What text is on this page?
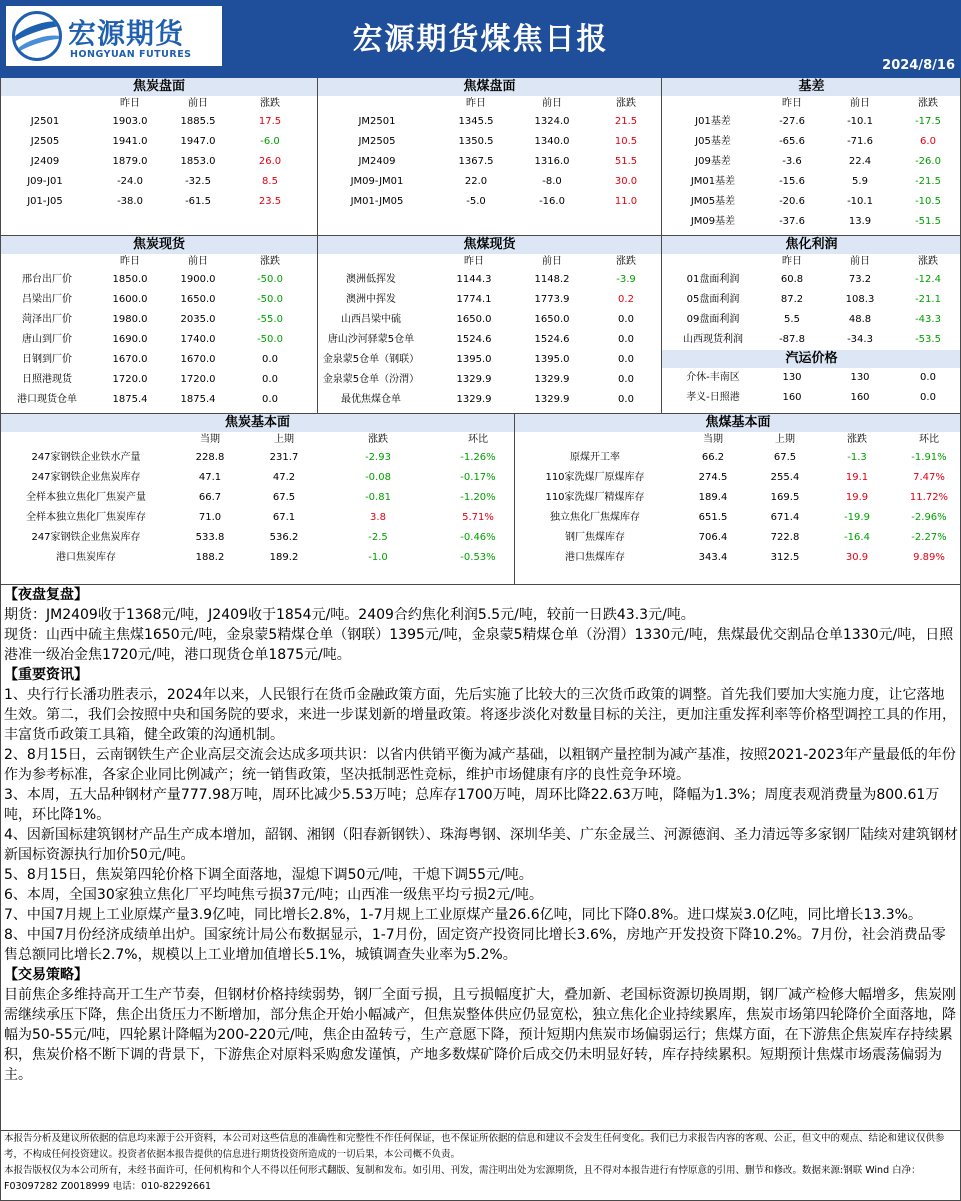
宏源期货
HONGYUAN FUTURES	宏源期货煤焦日报
2024/8/16
焦炭盘面
昨日	前日	涨跌
J2501	1903.0	1885.5	17.5
J2505	1941.0	1947.0	-6.0
J2409	1879.0	1853.0	26.0
J09-J01	-24.0	-32.5	8.5
J01-J05	-38.0	-61.5	23.5
焦煤盘面
昨日	前日	涨跌
JM2501	1345.5	1324.0	21.5
JM2505	1350.5	1340.0	10.5
JM2409	1367.5	1316.0	51.5
JM09-JM01	22.0	-8.0	30.0
JM01-JM05	-5.0	-16.0	11.0
基差
昨日	前日	涨跌
J01基差	-27.6	-10.1	-17.5
J05基差	-65.6	-71.6	6.0
J09基差	-3.6	22.4	-26.0
JM01基差	-15.6	5.9	-21.5
JM05基差	-20.6	-10.1	-10.5
JM09基差	-37.6	13.9	-51.5
焦炭现货
昨日	前日	涨跌
邢台出厂价	1850.0	1900.0	-50.0
吕梁出厂价	1600.0	1650.0	-50.0
菏泽出厂价	1980.0	2035.0	-55.0
唐山到厂价	1690.0	1740.0	-50.0
日钢到厂价	1670.0	1670.0	0.0
日照港现货	1720.0	1720.0	0.0
港口现货仓单	1875.4	1875.4	0.0
焦煤现货
昨日	前日	涨跌
澳洲低挥发	1144.3	1148.2	-3.9
澳洲中挥发	1774.1	1773.9	0.2
山西吕梁中硫	1650.0	1650.0	0.0
唐山沙河驿蒙5仓单	1524.6	1524.6	0.0
金泉蒙5仓单（钢联）	1395.0	1395.0	0.0
金泉蒙5仓单（汾渭）	1329.9	1329.9	0.0
最优焦煤仓单	1329.9	1329.9	0.0
焦化利润
昨日	前日	涨跌
01盘面利润	60.8	73.2	-12.4
05盘面利润	87.2	108.3	-21.1
09盘面利润	5.5	48.8	-43.3
山西现货利润	-87.8	-34.3	-53.5
汽运价格
介休-丰南区	130	130	0.0
孝义-日照港	160	160	0.0
焦炭基本面
当期	上期	涨跌	环比
247家钢铁企业铁水产量	228.8	231.7	-2.93	-1.26%
247家钢铁企业焦炭库存	47.1	47.2	-0.08	-0.17%
全样本独立焦化厂焦炭产量	66.7	67.5	-0.81	-1.20%
全样本独立焦化厂焦炭库存	71.0	67.1	3.8	5.71%
247家钢铁企业焦炭库存	533.8	536.2	-2.5	-0.46%
港口焦炭库存	188.2	189.2	-1.0	-0.53%
焦煤基本面
当期	上期	涨跌	环比
原煤开工率	66.2	67.5	-1.3	-1.91%
110家洗煤厂原煤库存	274.5	255.4	19.1	7.47%
110家洗煤厂精煤库存	189.4	169.5	19.9	11.72%
独立焦化厂焦煤库存	651.5	671.4	-19.9	-2.96%
钢厂焦煤库存	706.4	722.8	-16.4	-2.27%
港口焦煤库存	343.4	312.5	30.9	9.89%

【夜盘复盘】

期货：JM2409收于1368元/吨，J2409收于1854元/吨。2409合约焦化利润5.5元/吨，较前一日跌43.3元/吨。

现货：山西中硫主焦煤1650元/吨，金泉蒙5精煤仓单（钢联）1395元/吨，金泉蒙5精煤仓单（汾渭）1330元/吨，焦煤最优交割品仓单1330元/吨，日照港准一级冶金焦1720元/吨，港口现货仓单1875元/吨。

【重要资讯】

1、央行行长潘功胜表示，2024年以来，人民银行在货币金融政策方面，先后实施了比较大的三次货币政策的调整。首先我们要加大实施力度，让它落地生效。第二，我们会按照中央和国务院的要求，来进一步谋划新的增量政策。将逐步淡化对数量目标的关注，更加注重发挥利率等价格型调控工具的作用，丰富货币政策工具箱，健全政策的沟通机制。

2、8月15日，云南钢铁生产企业高层交流会达成多项共识：以省内供销平衡为减产基础，以粗钢产量控制为减产基准，按照2021-2023年产量最低的年份作为参考标准，各家企业同比例减产；统一销售政策，坚决抵制恶性竞标，维护市场健康有序的良性竞争环境。

3、本周，五大品种钢材产量777.98万吨，周环比减少5.53万吨；总库存1700万吨，周环比降22.63万吨，降幅为1.3%；周度表观消费量为800.61万吨，环比降1%。

4、因新国标建筑钢材产品生产成本增加，韶钢、湘钢（阳春新钢铁）、珠海粤钢、深圳华美、广东金晟兰、河源德润、圣力清远等多家钢厂陆续对建筑钢材新国标资源执行加价50元/吨。

5、8月15日，焦炭第四轮价格下调全面落地，湿熄下调50元/吨，干熄下调55元/吨。

6、本周，全国30家独立焦化厂平均吨焦亏损37元/吨；山西准一级焦平均亏损2元/吨。

7、中国7月规上工业原煤产量3.9亿吨，同比增长2.8%，1-7月规上工业原煤产量26.6亿吨，同比下降0.8%。进口煤炭3.0亿吨，同比增长13.3%。

8、中国7月份经济成绩单出炉。国家统计局公布数据显示，1-7月份，固定资产投资同比增长3.6%，房地产开发投资下降10.2%。7月份，社会消费品零售总额同比增长2.7%，规模以上工业增加值增长5.1%，城镇调查失业率为5.2%。

【交易策略】

目前焦企多维持高开工生产节奏，但钢材价格持续弱势，钢厂全面亏损，且亏损幅度扩大，叠加新、老国标资源切换周期，钢厂减产检修大幅增多，焦炭刚需继续承压下降，焦企出货压力不断增加，部分焦企开始小幅减产，但焦炭整体供应仍显宽松，独立焦化企业持续累库，焦炭市场第四轮降价全面落地，降幅为50-55元/吨，四轮累计降幅为200-220元/吨，焦企由盈转亏，生产意愿下降，预计短期内焦炭市场偏弱运行；焦煤方面，在下游焦企焦炭库存持续累积，焦炭价格不断下调的背景下，下游焦企对原料采购愈发谨慎，产地多数煤矿降价后成交仍未明显好转，库存持续累积。短期预计焦煤市场震荡偏弱为主。

本报告分析及建议所依据的信息均来源于公开资料，本公司对这些信息的准确性和完整性不作任何保证，也不保证所依据的信息和建议不会发生任何变化。我们已力求报告内容的客观、公正，但文中的观点、结论和建议仅供参考，不构成任何投资建议。投资者依据本报告提供的信息进行期货投资所造成的一切后果，本公司概不负责。

本报告版权仅为本公司所有，未经书面许可，任何机构和个人不得以任何形式翻版、复制和发布。如引用、刊发，需注明出处为宏源期货，且不得对本报告进行有悖原意的引用、删节和修改。数据来源:钢联 Wind 白净：F03097282 Z0018999 电话：010-82292661
